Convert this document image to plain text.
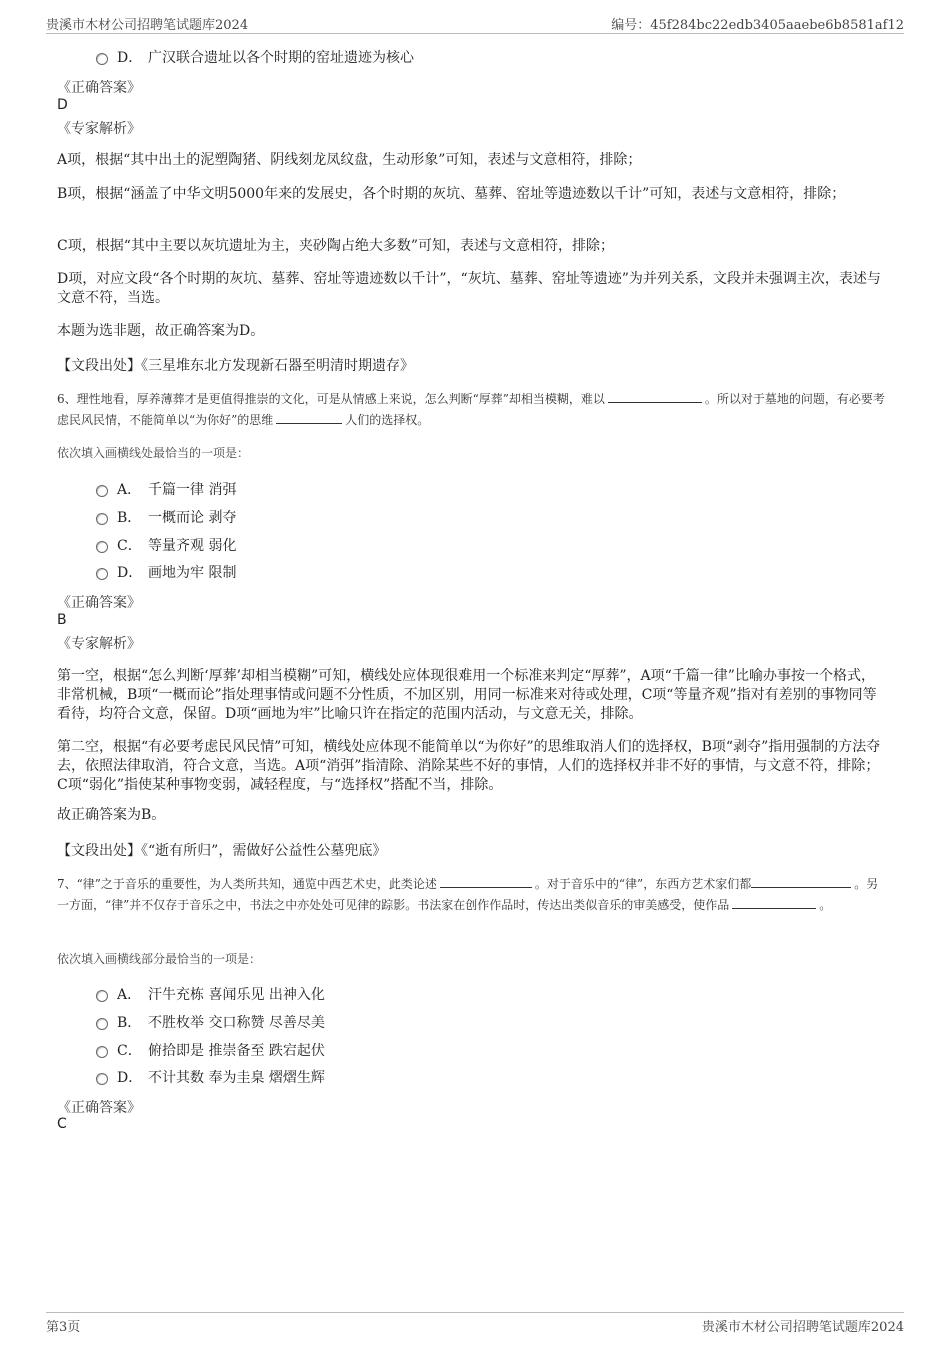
贵溪市木材公司招聘笔试题库2024	编号：45f284bc22edb3405aaebe6b8581af12
D． 广汉联合遗址以各个时期的窑址遗迹为核心
《正确答案》
D
《专家解析》
A项，根据“其中出土的泥塑陶猪、阴线刻龙凤纹盘，生动形象”可知，表述与文意相符，排除；
B项，根据“涵盖了中华文明5000年来的发展史，各个时期的灰坑、墓葬、窑址等遗迹数以千计”可知，表述与文意相符，排除；
C项，根据“其中主要以灰坑遗址为主，夹砂陶占绝大多数”可知，表述与文意相符，排除；
D项，对应文段“各个时期的灰坑、墓葬、窑址等遗迹数以千计”，“灰坑、墓葬、窑址等遗迹”为并列关系，文段并未强调主次，表述与文意不符，当选。
本题为选非题，故正确答案为D。
【文段出处】《三星堆东北方发现新石器至明清时期遗存》
6、理性地看，厚养薄葬才是更值得推崇的文化，可是从情感上来说，怎么判断“厚葬”却相当模糊，难以	。所以对于墓地的问题，有必要考虑民风民情，不能简单以“为你好”的思维	人们的选择权。
依次填入画横线处最恰当的一项是：
A． 千篇一律 消弭
B． 一概而论 剥夺
C． 等量齐观 弱化
D． 画地为牢 限制
《正确答案》
B
《专家解析》
第一空，根据“怎么判断‘厚葬’却相当模糊”可知，横线处应体现很难用一个标准来判定“厚葬”，A项“千篇一律”比喻办事按一个格式，非常机械，B项“一概而论”指处理事情或问题不分性质，不加区别，用同一标准来对待或处理，C项“等量齐观”指对有差别的事物同等看待，均符合文意，保留。D项“画地为牢”比喻只许在指定的范围内活动，与文意无关，排除。
第二空，根据“有必要考虑民风民情”可知，横线处应体现不能简单以“为你好”的思维取消人们的选择权，B项“剥夺”指用强制的方法夺去，依照法律取消，符合文意，当选。A项“消弭”指清除、消除某些不好的事情，人们的选择权并非不好的事情，与文意不符，排除；C项“弱化”指使某种事物变弱，减轻程度，与“选择权”搭配不当，排除。
故正确答案为B。
【文段出处】《“逝有所归”，需做好公益性公墓兜底》
7、“律”之于音乐的重要性，为人类所共知，通览中西艺术史，此类论述	。对于音乐中的“律”，东西方艺术家们都	。另一方面，“律”并不仅存于音乐之中，书法之中亦处处可见律的踪影。书法家在创作作品时，传达出类似音乐的审美感受，使作品	。
依次填入画横线部分最恰当的一项是：
A． 汗牛充栋 喜闻乐见 出神入化
B． 不胜枚举 交口称赞 尽善尽美
C． 俯拾即是 推崇备至 跌宕起伏
D． 不计其数 奉为圭臬 熠熠生辉
《正确答案》
C
第3页	贵溪市木材公司招聘笔试题库2024
